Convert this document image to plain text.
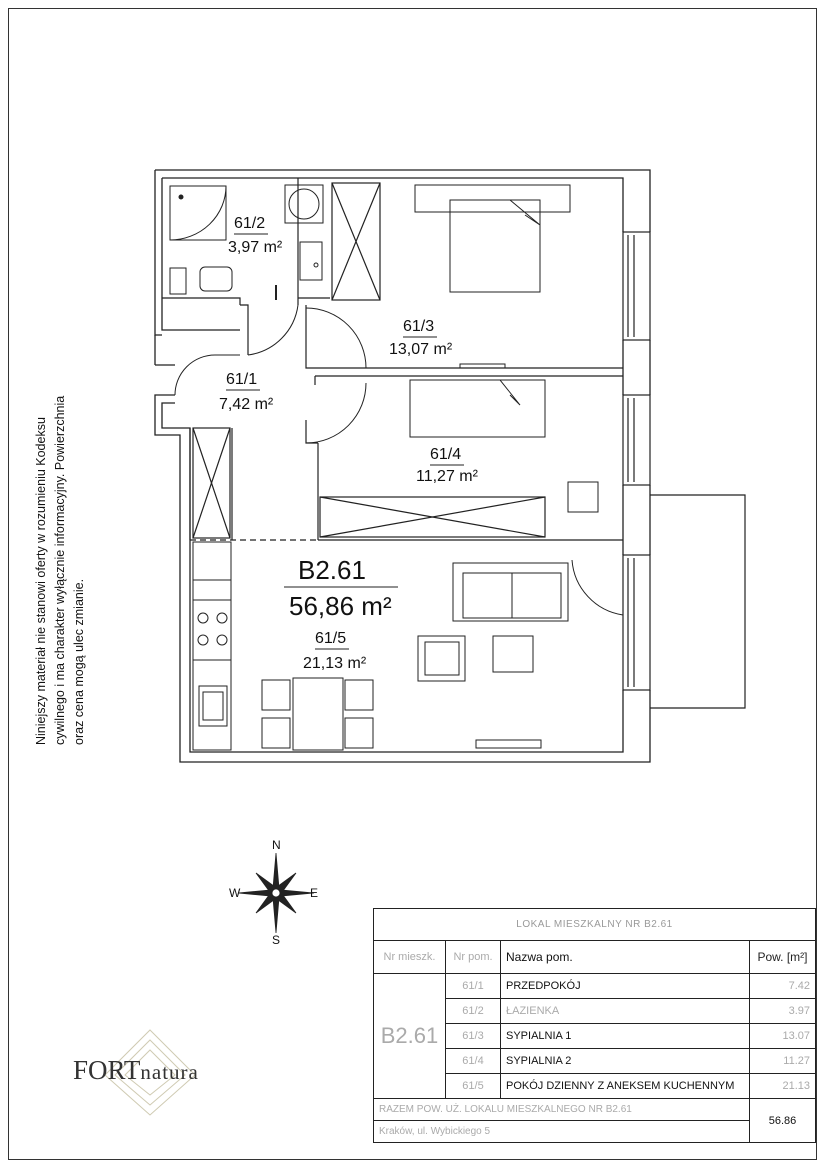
61/2
3,97 m²
61/3
13,07 m²
61/1
7,42 m²
61/4
11,27 m²
B2.61
56,86 m²
61/5
21,13 m²
Niniejszy materiał nie stanowi oferty w rozumieniu Kodeksu cywilnego i ma charakter wyłącznie informacyjny. Powierzchnia oraz cena mogą ulec zmianie.
N
S
E
W
FORTnatura
LOKAL MIESZKALNY NR B2.61			
Nr mieszk.	Nr pom.	Nazwa pom.	Pow. [m²]
B2.61	61/1	PRZEDPOKÓJ	7.42
	61/2	ŁAZIENKA	3.97
	61/3	SYPIALNIA 1	13.07
	61/4	SYPIALNIA 2	11.27
	61/5	POKÓJ DZIENNY Z ANEKSEM KUCHENNYM	21.13
RAZEM POW. UŻ. LOKALU MIESZKALNEGO NR B2.61			56.86
Kraków, ul. Wybickiego 5			
